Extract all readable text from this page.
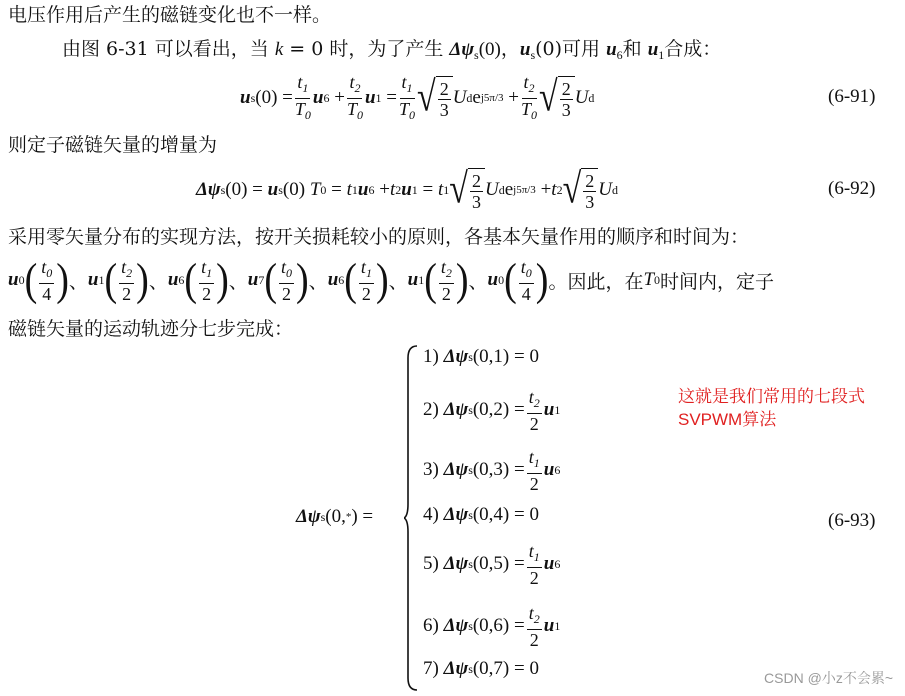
电压作用后产生的磁链变化也不一样。
由图 6-31 可以看出，当 k = 0 时，为了产生 $\Delta\psi_s(0)$，$u_s(0)$可用 $u_6$和 $u_1$合成：
u s $(0) = \frac{t_1}{T_0}$ u $6 + \frac{t_2}{T_0}$ u $1 = \frac{t_1}{T_0}$ √ $\frac{2}{3}$ U d e $j5\pi/3 + \frac{t_2}{T_0}$ √ $\frac{2}{3}$ U d	(6-91)
则定子磁链矢量的增量为
Δψ s (0) = u s (0) T 0 = t 1 u 6 + t 2 u 1 = t 1 √ $\frac{2}{3}$ U d e j5π/3 + t 2 √ $\frac{2}{3}$ U d	(6-92)
采用零矢量分布的实现方法，按开关损耗较小的原则，各基本矢量作用的顺序和时间为：
u 0 ( $\frac{t_0}{4}$ ) 、 u 1 ( $\frac{t_2}{2}$ ) 、 u 6 ( $\frac{t_1}{2}$ ) 、 u 7 ( $\frac{t_0}{2}$ ) 、 u 6 ( $\frac{t_1}{2}$ ) 、 u 1 ( $\frac{t_2}{2}$ ) 、 u 0 ( $\frac{t_0}{4}$ ) 。因此，在 T 0 时间内，定子
磁链矢量的运动轨迹分七步完成：
Δψ s (0, * ) =	(6-93)
1)
Δψ s (0,1) = 0
2)
Δψ s $(0,2) = \frac{t_2}{2}$ u 1
3)
Δψ s $(0,3) = \frac{t_1}{2}$ u 6
4)
Δψ s (0,4) = 0
5)
Δψ s $(0,5) = \frac{t_1}{2}$ u 6
6)
Δψ s $(0,6) = \frac{t_2}{2}$ u 1
7)
Δψ s (0,7) = 0
这就是我们常用的七段式
SVPWM算法
CSDN @小z不会累~
